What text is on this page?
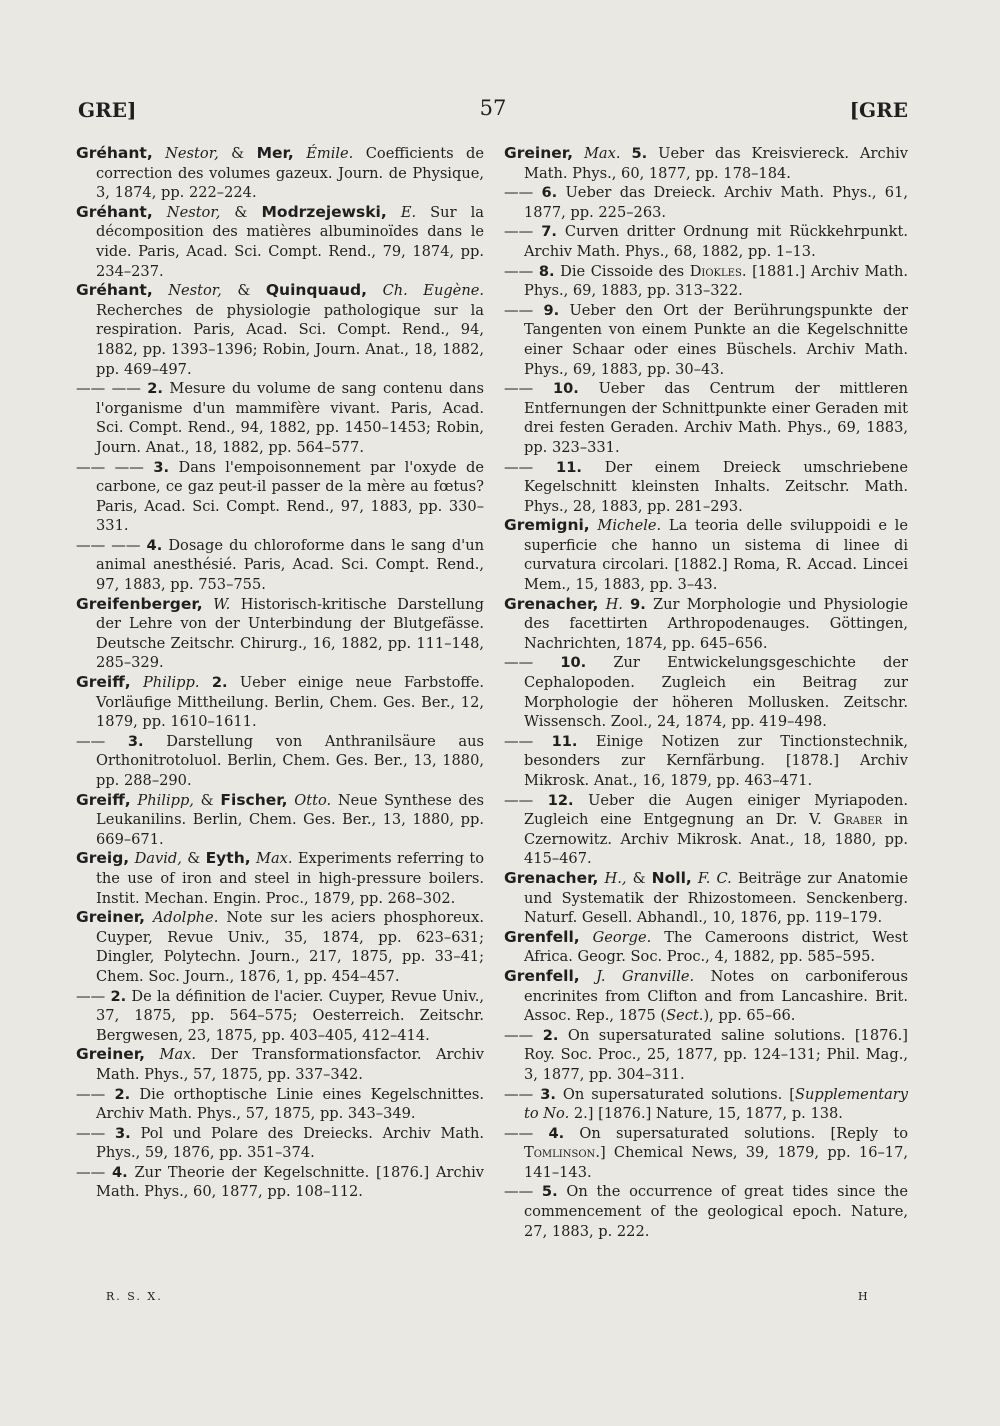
GRE]	57	[GRE
Gréhant, Nestor, & Mer, Émile. Coefficients de correction des volumes gazeux. Journ. de Physique, 3, 1874, pp. 222–224.
Gréhant, Nestor, & Modrzejewski, E. Sur la décomposition des matières albuminoïdes dans le vide. Paris, Acad. Sci. Compt. Rend., 79, 1874, pp. 234–237.
Gréhant, Nestor, & Quinquaud, Ch. Eugène. Recherches de physiologie pathologique sur la respiration. Paris, Acad. Sci. Compt. Rend., 94, 1882, pp. 1393–1396; Robin, Journ. Anat., 18, 1882, pp. 469–497.
—— —— 2. Mesure du volume de sang contenu dans l'organisme d'un mammifère vivant. Paris, Acad. Sci. Compt. Rend., 94, 1882, pp. 1450–1453; Robin, Journ. Anat., 18, 1882, pp. 564–577.
—— —— 3. Dans l'empoisonnement par l'oxyde de carbone, ce gaz peut-il passer de la mère au fœtus? Paris, Acad. Sci. Compt. Rend., 97, 1883, pp. 330–331.
—— —— 4. Dosage du chloroforme dans le sang d'un animal anesthésié. Paris, Acad. Sci. Compt. Rend., 97, 1883, pp. 753–755.
Greifenberger, W. Historisch-kritische Darstellung der Lehre von der Unterbindung der Blutgefässe. Deutsche Zeitschr. Chirurg., 16, 1882, pp. 111–148, 285–329.
Greiff, Philipp. 2. Ueber einige neue Farbstoffe. Vorläufige Mittheilung. Berlin, Chem. Ges. Ber., 12, 1879, pp. 1610–1611.
—— 3. Darstellung von Anthranilsäure aus Orthonitrotoluol. Berlin, Chem. Ges. Ber., 13, 1880, pp. 288–290.
Greiff, Philipp, & Fischer, Otto. Neue Synthese des Leukanilins. Berlin, Chem. Ges. Ber., 13, 1880, pp. 669–671.
Greig, David, & Eyth, Max. Experiments referring to the use of iron and steel in high-pressure boilers. Instit. Mechan. Engin. Proc., 1879, pp. 268–302.
Greiner, Adolphe. Note sur les aciers phosphoreux. Cuyper, Revue Univ., 35, 1874, pp. 623–631; Dingler, Polytechn. Journ., 217, 1875, pp. 33–41; Chem. Soc. Journ., 1876, 1, pp. 454–457.
—— 2. De la définition de l'acier. Cuyper, Revue Univ., 37, 1875, pp. 564–575; Oesterreich. Zeitschr. Bergwesen, 23, 1875, pp. 403–405, 412–414.
Greiner, Max. Der Transformationsfactor. Archiv Math. Phys., 57, 1875, pp. 337–342.
—— 2. Die orthoptische Linie eines Kegelschnittes. Archiv Math. Phys., 57, 1875, pp. 343–349.
—— 3. Pol und Polare des Dreiecks. Archiv Math. Phys., 59, 1876, pp. 351–374.
—— 4. Zur Theorie der Kegelschnitte. [1876.] Archiv Math. Phys., 60, 1877, pp. 108–112.
Greiner, Max. 5. Ueber das Kreisviereck. Archiv Math. Phys., 60, 1877, pp. 178–184.
—— 6. Ueber das Dreieck. Archiv Math. Phys., 61, 1877, pp. 225–263.
—— 7. Curven dritter Ordnung mit Rückkehrpunkt. Archiv Math. Phys., 68, 1882, pp. 1–13.
—— 8. Die Cissoide des Diokles. [1881.] Archiv Math. Phys., 69, 1883, pp. 313–322.
—— 9. Ueber den Ort der Berührungspunkte der Tangenten von einem Punkte an die Kegelschnitte einer Schaar oder eines Büschels. Archiv Math. Phys., 69, 1883, pp. 30–43.
—— 10. Ueber das Centrum der mittleren Entfernungen der Schnittpunkte einer Geraden mit drei festen Geraden. Archiv Math. Phys., 69, 1883, pp. 323–331.
—— 11. Der einem Dreieck umschriebene Kegelschnitt kleinsten Inhalts. Zeitschr. Math. Phys., 28, 1883, pp. 281–293.
Gremigni, Michele. La teoria delle sviluppoidi e le superficie che hanno un sistema di linee di curvatura circolari. [1882.] Roma, R. Accad. Lincei Mem., 15, 1883, pp. 3–43.
Grenacher, H. 9. Zur Morphologie und Physiologie des facettirten Arthropodenauges. Göttingen, Nachrichten, 1874, pp. 645–656.
—— 10. Zur Entwickelungsgeschichte der Cephalopoden. Zugleich ein Beitrag zur Morphologie der höheren Mollusken. Zeitschr. Wissensch. Zool., 24, 1874, pp. 419–498.
—— 11. Einige Notizen zur Tinctionstechnik, besonders zur Kernfärbung. [1878.] Archiv Mikrosk. Anat., 16, 1879, pp. 463–471.
—— 12. Ueber die Augen einiger Myriapoden. Zugleich eine Entgegnung an Dr. V. Graber in Czernowitz. Archiv Mikrosk. Anat., 18, 1880, pp. 415–467.
Grenacher, H., & Noll, F. C. Beiträge zur Anatomie und Systematik der Rhizostomeen. Senckenberg. Naturf. Gesell. Abhandl., 10, 1876, pp. 119–179.
Grenfell, George. The Cameroons district, West Africa. Geogr. Soc. Proc., 4, 1882, pp. 585–595.
Grenfell, J. Granville. Notes on carboniferous encrinites from Clifton and from Lancashire. Brit. Assoc. Rep., 1875 (Sect.), pp. 65–66.
—— 2. On supersaturated saline solutions. [1876.] Roy. Soc. Proc., 25, 1877, pp. 124–131; Phil. Mag., 3, 1877, pp. 304–311.
—— 3. On supersaturated solutions. [Supplementary to No. 2.] [1876.] Nature, 15, 1877, p. 138.
—— 4. On supersaturated solutions. [Reply to Tomlinson.] Chemical News, 39, 1879, pp. 16–17, 141–143.
—— 5. On the occurrence of great tides since the commencement of the geological epoch. Nature, 27, 1883, p. 222.
R. S. X.	H
